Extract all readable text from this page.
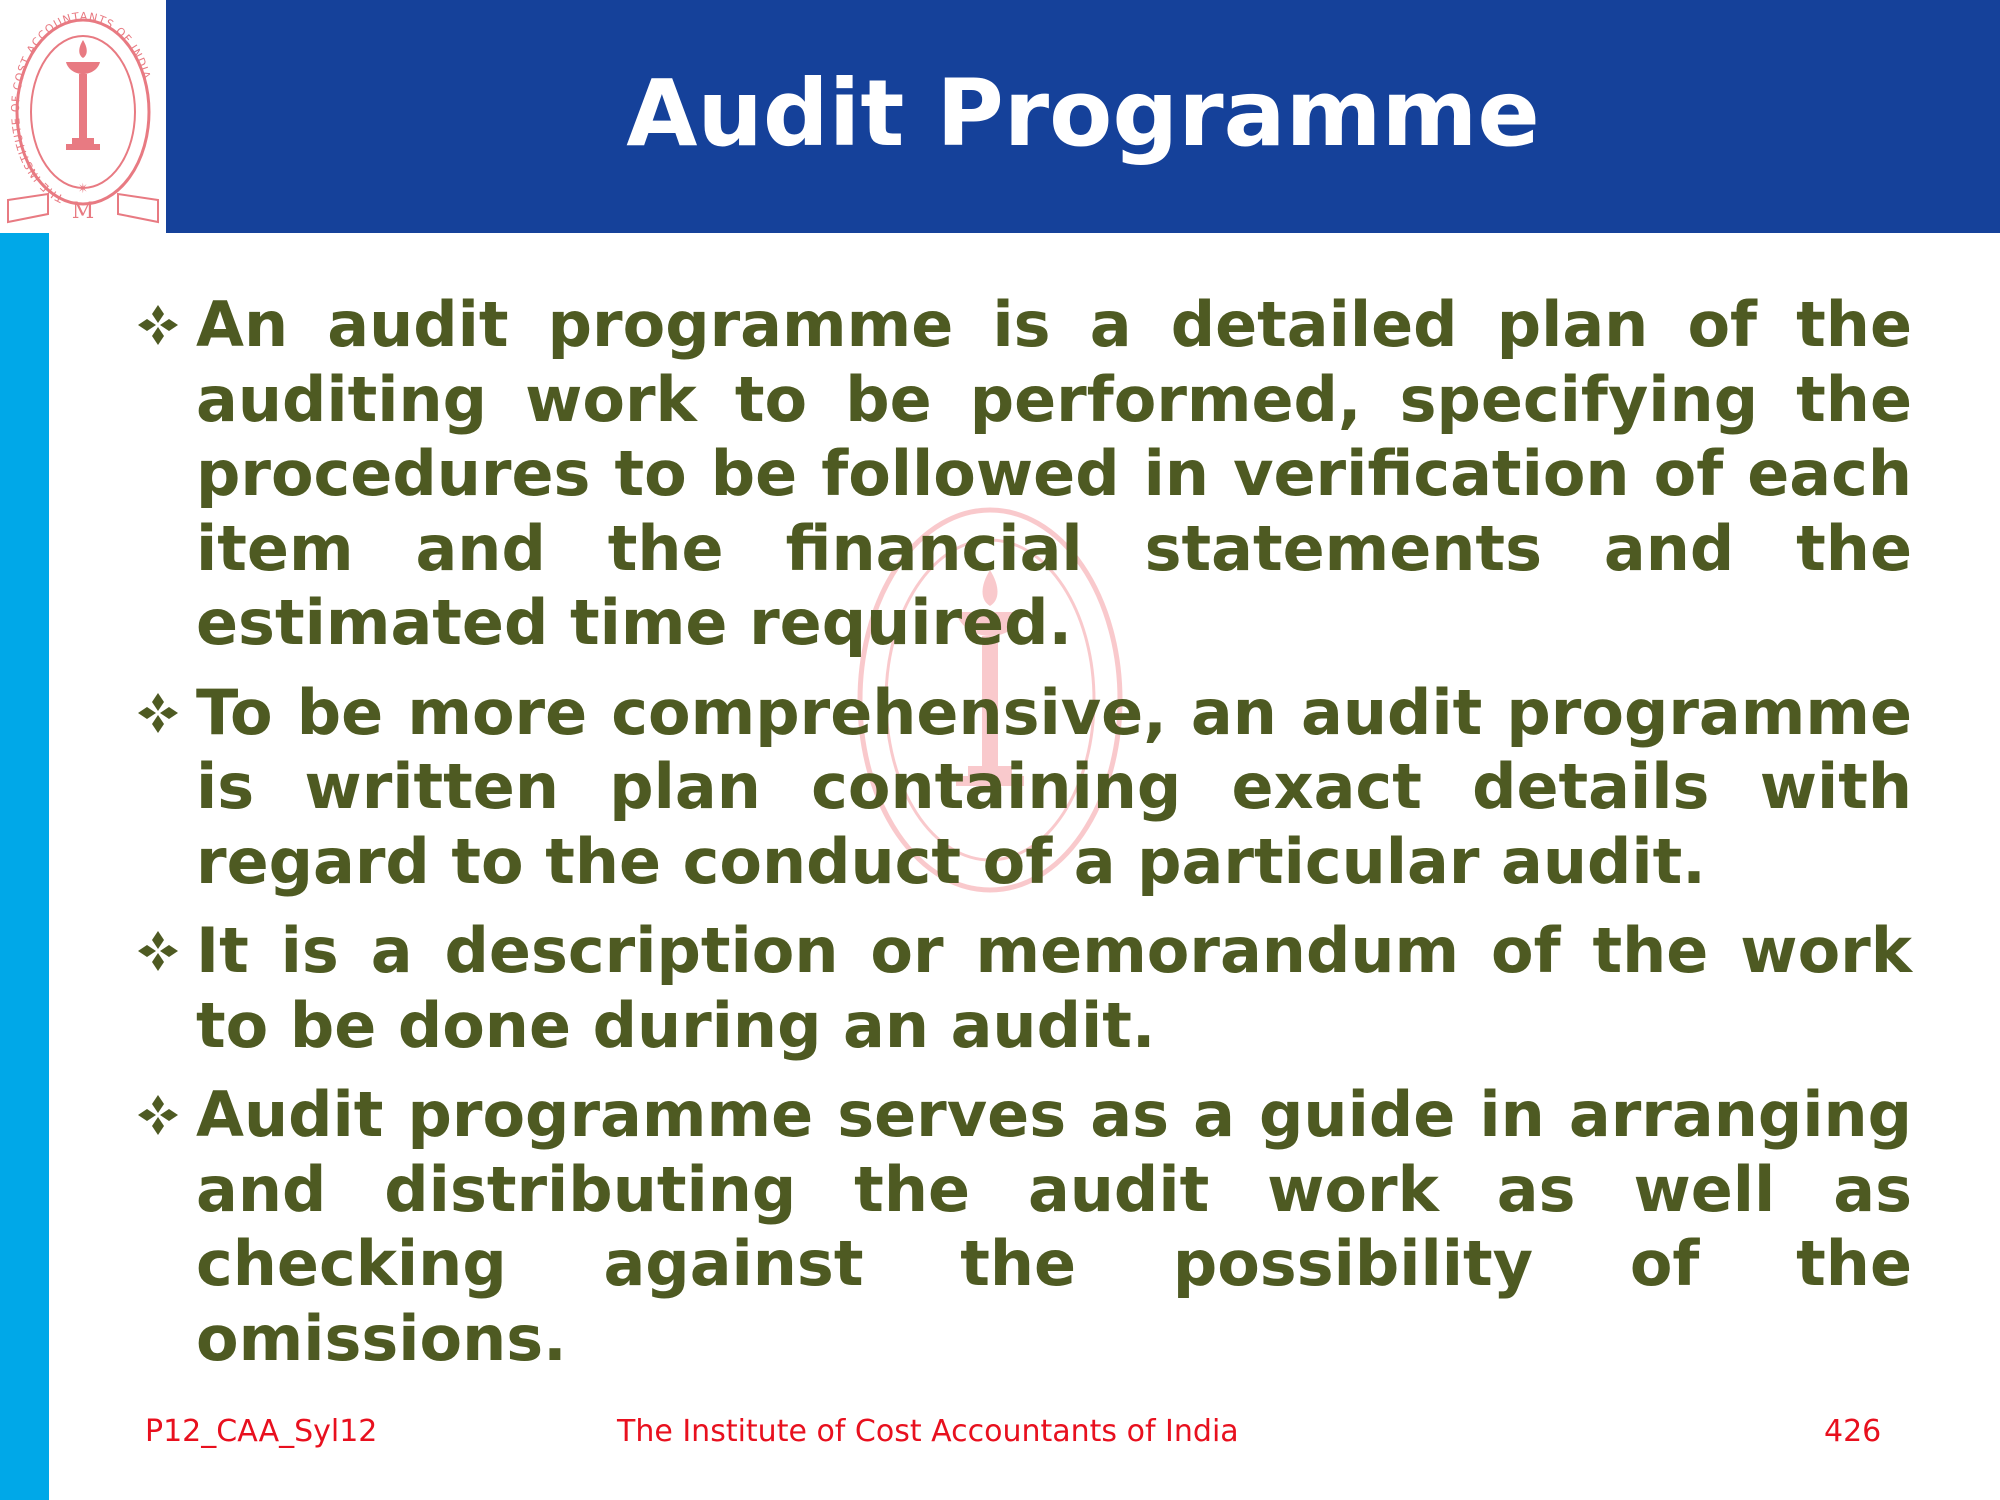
THE INSTITUTE OF COST ACCOUNTANTS OF INDIA
✴
M
Audit Programme
An audit programme is a detailed plan of the auditing work to be performed, specifying the procedures to be followed in verification of each item and the financial statements and the estimated time required.
To be more comprehensive, an audit programme is written plan containing exact details with regard to the conduct of a particular audit.
It is a description or memorandum of the work to be done during an audit.
Audit programme serves as a guide in arranging and distributing the audit work as well as checking against the possibility of the omissions.
P12_CAA_Syl12	The Institute of Cost Accountants of India	426
